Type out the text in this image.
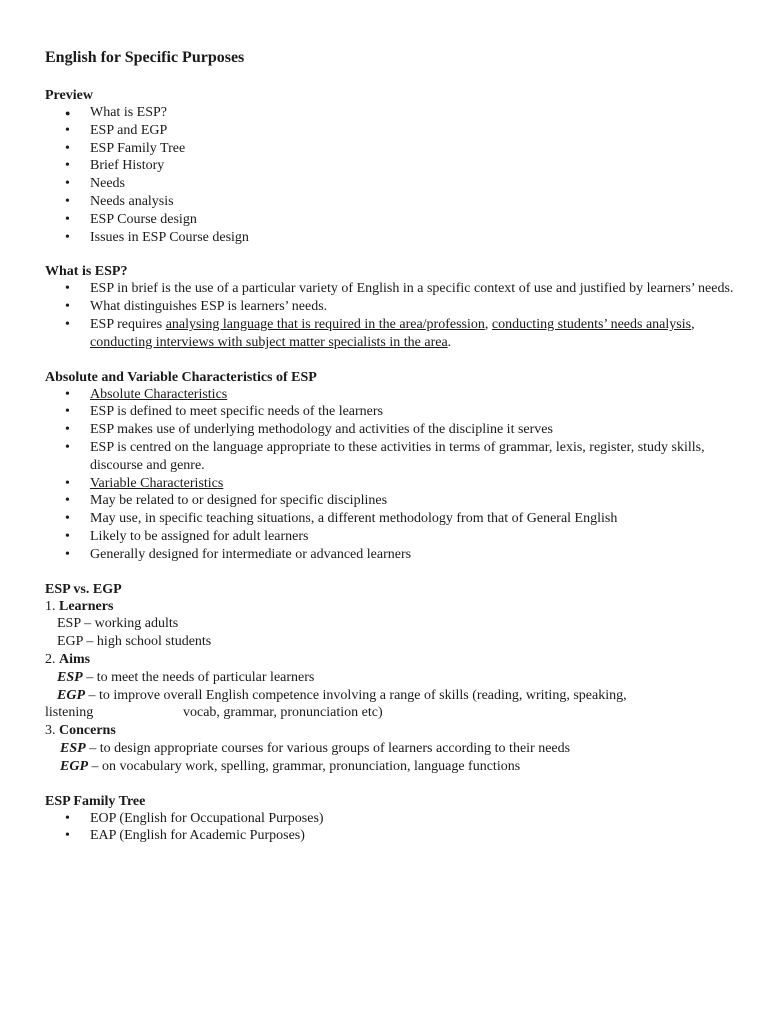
English for Specific Purposes
Preview
● What is ESP?
• ESP and EGP
• ESP Family Tree
• Brief History
• Needs
• Needs analysis
• ESP Course design
• Issues in ESP Course design
What is ESP?
• ESP in brief is the use of a particular variety of English in a specific context of use and justified by learners’ needs.
• What distinguishes ESP is learners’ needs.
• ESP requires analysing language that is required in the area/profession, conducting students’ needs analysis, conducting interviews with subject matter specialists in the area.
Absolute and Variable Characteristics of ESP
• Absolute Characteristics
• ESP is defined to meet specific needs of the learners
• ESP makes use of underlying methodology and activities of the discipline it serves
• ESP is centred on the language appropriate to these activities in terms of grammar, lexis, register, study skills, discourse and genre.
• Variable Characteristics
• May be related to or designed for specific disciplines
• May use, in specific teaching situations, a different methodology from that of General English
• Likely to be assigned for adult learners
• Generally designed for intermediate or advanced learners
ESP vs. EGP
1. Learners
ESP – working adults
EGP – high school students
2. Aims
ESP – to meet the needs of particular learners
EGP – to improve overall English competence involving a range of skills (reading, writing, speaking,
listening	vocab, grammar, pronunciation etc)
3. Concerns
ESP – to design appropriate courses for various groups of learners according to their needs
EGP – on vocabulary work, spelling, grammar, pronunciation, language functions
ESP Family Tree
• EOP (English for Occupational Purposes)
• EAP (English for Academic Purposes)
